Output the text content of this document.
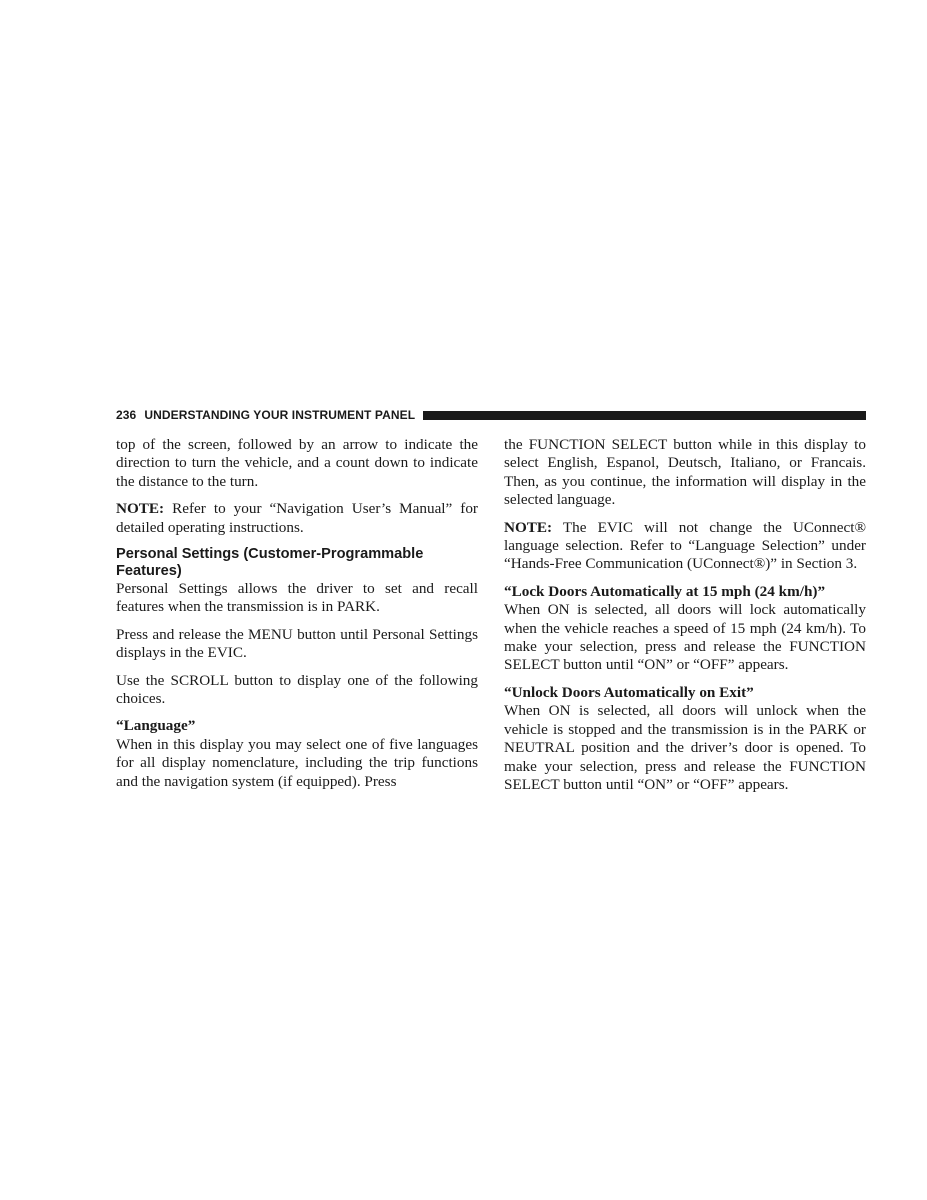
236 UNDERSTANDING YOUR INSTRUMENT PANEL

top of the screen, followed by an arrow to indicate the direction to turn the vehicle, and a count down to indicate the distance to the turn.

NOTE: Refer to your “Navigation User’s Manual” for detailed operating instructions.

Personal Settings (Customer-Programmable Features)

Personal Settings allows the driver to set and recall features when the transmission is in PARK.

Press and release the MENU button until Personal Settings displays in the EVIC.

Use the SCROLL button to display one of the following choices.

“Language”

When in this display you may select one of five languages for all display nomenclature, including the trip functions and the navigation system (if equipped). Press

the FUNCTION SELECT button while in this display to select English, Espanol, Deutsch, Italiano, or Francais. Then, as you continue, the information will display in the selected language.

NOTE: The EVIC will not change the UConnect® language selection. Refer to “Language Selection” under “Hands-Free Communication (UConnect®)” in Section 3.

“Lock Doors Automatically at 15 mph (24 km/h)”

When ON is selected, all doors will lock automatically when the vehicle reaches a speed of 15 mph (24 km/h). To make your selection, press and release the FUNCTION SELECT button until “ON” or “OFF” appears.

“Unlock Doors Automatically on Exit”

When ON is selected, all doors will unlock when the vehicle is stopped and the transmission is in the PARK or NEUTRAL position and the driver’s door is opened. To make your selection, press and release the FUNCTION SELECT button until “ON” or “OFF” appears.
